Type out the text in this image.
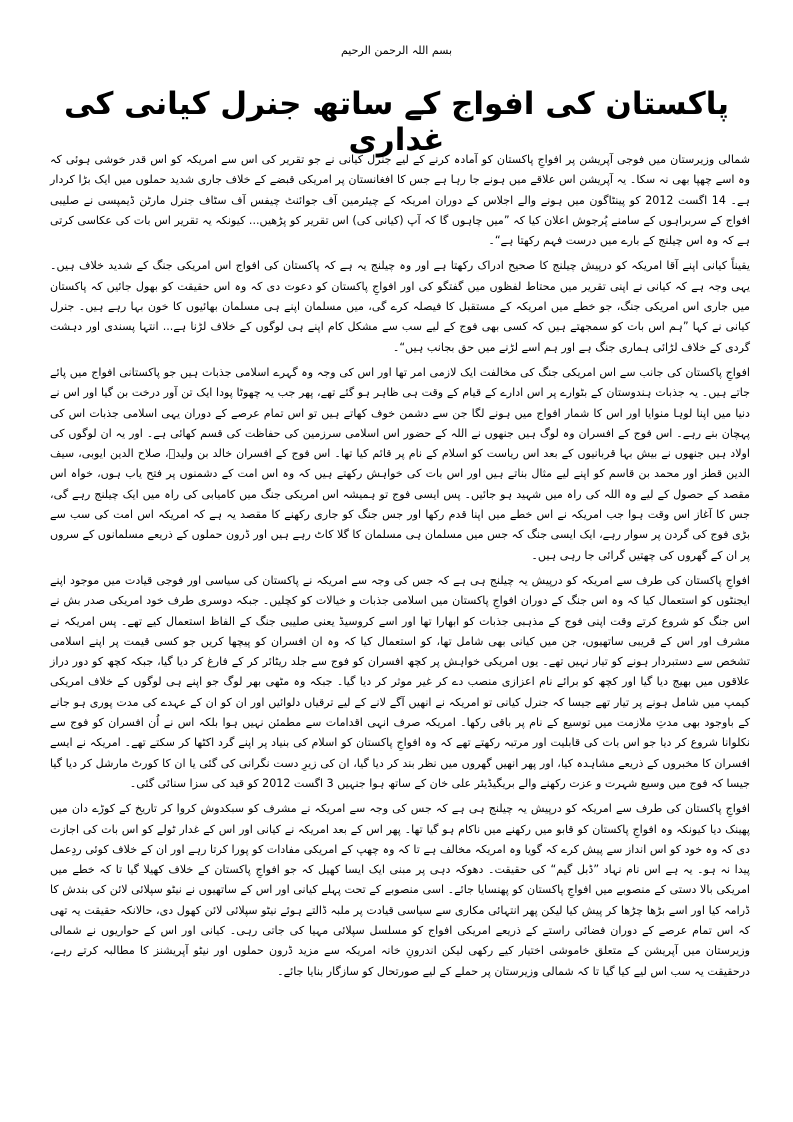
بسم اللہ الرحمن الرحیم
پاکستان کی افواج کے ساتھ جنرل کیانی کی غداری

شمالی وزیرستان میں فوجی آپریشن پر افواجِ پاکستان کو آمادہ کرنے کے لیے جنرل کیانی نے جو تقریر کی اس سے امریکہ کو اس قدر خوشی ہوئی کہ وہ اسے چھپا بھی نہ سکا۔ یہ آپریشن اس علاقے میں ہونے جا رہا ہے جس کا افغانستان پر امریکی قبضے کے خلاف جاری شدید حملوں میں ایک بڑا کردار ہے۔ 14 اگست 2012 کو پینٹاگون میں ہونے والے اجلاس کے دوران امریکہ کے چیئرمین آف جوائنٹ چیفس آف سٹاف جنرل مارٹن ڈیمپسی نے صلیبی افواج کے سربراہوں کے سامنے پُرجوش اعلان کیا کہ ”میں چاہوں گا کہ آپ (کیانی کی) اس تقریر کو پڑھیں... کیونکہ یہ تقریر اس بات کی عکاسی کرتی ہے کہ وہ اس چیلنج کے بارے میں درست فہم رکھتا ہے“۔

یقیناً کیانی اپنے آقا امریکہ کو درپیش چیلنج کا صحیح ادراک رکھتا ہے اور وہ چیلنج یہ ہے کہ پاکستان کی افواج اس امریکی جنگ کے شدید خلاف ہیں۔ یہی وجہ ہے کہ کیانی نے اپنی تقریر میں محتاط لفظوں میں گفتگو کی اور افواجِ پاکستان کو دعوت دی کہ وہ اس حقیقت کو بھول جائیں کہ پاکستان میں جاری اس امریکی جنگ، جو خطے میں امریکہ کے مستقبل کا فیصلہ کرے گی، میں مسلمان اپنے ہی مسلمان بھائیوں کا خون بہا رہے ہیں۔ جنرل کیانی نے کہا ”ہم اس بات کو سمجھتے ہیں کہ کسی بھی فوج کے لیے سب سے مشکل کام اپنے ہی لوگوں کے خلاف لڑنا ہے... انتہا پسندی اور دہشت گردی کے خلاف لڑائی ہماری جنگ ہے اور ہم اسے لڑنے میں حق بجانب ہیں“۔

افواجِ پاکستان کی جانب سے اس امریکی جنگ کی مخالفت ایک لازمی امر تھا اور اس کی وجہ وہ گہرے اسلامی جذبات ہیں جو پاکستانی افواج میں پائے جاتے ہیں۔ یہ جذبات ہندوستان کے بٹوارے پر اس ادارے کے قیام کے وقت ہی ظاہر ہو گئے تھے، پھر جب یہ چھوٹا پودا ایک تن آور درخت بن گیا اور اس نے دنیا میں اپنا لوہا منوایا اور اس کا شمار افواج میں ہونے لگا جن سے دشمن خوف کھاتے ہیں تو اس تمام عرصے کے دوران یہی اسلامی جذبات اس کی پہچان بنے رہے۔ اس فوج کے افسران وہ لوگ ہیں جنھوں نے اللہ کے حضور اس اسلامی سرزمین کی حفاظت کی قسم کھائی ہے۔ اور یہ ان لوگوں کی اولاد ہیں جنھوں نے بیش بہا قربانیوں کے بعد اس ریاست کو اسلام کے نام پر قائم کیا تھا۔ اس فوج کے افسران خالد بن ولیدؓ، صلاح الدین ایوبی، سیف الدین قطز اور محمد بن قاسم کو اپنے لیے مثال بناتے ہیں اور اس بات کی خواہش رکھتے ہیں کہ وہ اس امت کے دشمنوں پر فتح یاب ہوں، خواہ اس مقصد کے حصول کے لیے وہ اللہ کی راہ میں شہید ہو جائیں۔ پس ایسی فوج تو ہمیشہ اس امریکی جنگ میں کامیابی کی راہ میں ایک چیلنج رہے گی، جس کا آغاز اس وقت ہوا جب امریکہ نے اس خطے میں اپنا قدم رکھا اور جس جنگ کو جاری رکھنے کا مقصد یہ ہے کہ امریکہ اس امت کی سب سے بڑی فوج کی گردن پر سوار رہے، ایک ایسی جنگ کہ جس میں مسلمان ہی مسلمان کا گلا کاٹ رہے ہیں اور ڈرون حملوں کے ذریعے مسلمانوں کے سروں پر ان کے گھروں کی چھتیں گرائی جا رہی ہیں۔

افواجِ پاکستان کی طرف سے امریکہ کو درپیش یہ چیلنج ہی ہے کہ جس کی وجہ سے امریکہ نے پاکستان کی سیاسی اور فوجی قیادت میں موجود اپنے ایجنٹوں کو استعمال کیا کہ وہ اس جنگ کے دوران افواجِ پاکستان میں اسلامی جذبات و خیالات کو کچلیں۔ جبکہ دوسری طرف خود امریکی صدر بش نے اس جنگ کو شروع کرتے وقت اپنی فوج کے مذہبی جذبات کو ابھارا تھا اور اسے کروسیڈ یعنی صلیبی جنگ کے الفاظ استعمال کیے تھے۔ پس امریکہ نے مشرف اور اس کے قریبی ساتھیوں، جن میں کیانی بھی شامل تھا، کو استعمال کیا کہ وہ ان افسران کو پیچھا کریں جو کسی قیمت پر اپنے اسلامی تشخص سے دستبردار ہونے کو تیار نہیں تھے۔ یوں امریکی خواہش پر کچھ افسران کو فوج سے جلد ریٹائر کر کے فارغ کر دیا گیا، جبکہ کچھ کو دور دراز علاقوں میں بھیج دیا گیا اور کچھ کو برائے نام اعزازی منصب دے کر غیر موثر کر دیا گیا۔ جبکہ وہ مٹھی بھر لوگ جو اپنے ہی لوگوں کے خلاف امریکی کیمپ میں شامل ہونے پر تیار تھے جیسا کہ جنرل کیانی تو امریکہ نے انھیں آگے لانے کے لیے ترقیاں دلوائیں اور ان کو ان کے عہدے کی مدت پوری ہو جانے کے باوجود بھی مدتِ ملازمت میں توسیع کے نام پر باقی رکھا۔ امریکہ صرف انہی اقدامات سے مطمئن نہیں ہوا بلکہ اس نے اُن افسران کو فوج سے نکلوانا شروع کر دیا جو اس بات کی قابلیت اور مرتبہ رکھتے تھے کہ وہ افواجِ پاکستان کو اسلام کی بنیاد پر اپنے گرد اکٹھا کر سکتے تھے۔ امریکہ نے ایسے افسران کا مخبروں کے ذریعے مشاہدہ کیا، اور پھر انھیں گھروں میں نظر بند کر دیا گیا، ان کی زیرِ دست نگرانی کی گئی یا ان کا کورٹ مارشل کر دیا گیا جیسا کہ فوج میں وسیع شہرت و عزت رکھنے والے بریگیڈیئر علی خان کے ساتھ ہوا جنہیں 3 اگست 2012 کو قید کی سزا سنائی گئی۔

افواجِ پاکستان کی طرف سے امریکہ کو درپیش یہ چیلنج ہی ہے کہ جس کی وجہ سے امریکہ نے مشرف کو سبکدوش کروا کر تاریخ کے کوڑے دان میں پھینک دیا کیونکہ وہ افواجِ پاکستان کو قابو میں رکھنے میں ناکام ہو گیا تھا۔ پھر اس کے بعد امریکہ نے کیانی اور اس کے غدار ٹولے کو اس بات کی اجازت دی کہ وہ خود کو اس انداز سے پیش کرے کہ گویا وہ امریکہ مخالف ہے تا کہ وہ چھپ کے امریکی مفادات کو پورا کرتا رہے اور ان کے خلاف کوئی ردِعمل پیدا نہ ہو۔ یہ ہے اس نام نہاد ”ڈبل گیم“ کی حقیقت۔ دھوکہ دہی پر مبنی ایک ایسا کھیل کہ جو افواجِ پاکستان کے خلاف کھیلا گیا تا کہ خطے میں امریکی بالا دستی کے منصوبے میں افواجِ پاکستان کو پھنسایا جائے۔ اسی منصوبے کے تحت پہلے کیانی اور اس کے ساتھیوں نے نیٹو سپلائی لائن کی بندش کا ڈرامہ کیا اور اسے بڑھا چڑھا کر پیش کیا لیکن پھر انتہائی مکاری سے سیاسی قیادت پر ملبہ ڈالتے ہوئے نیٹو سپلائی لائن کھول دی، حالانکہ حقیقت یہ تھی کہ اس تمام عرصے کے دوران فضائی راستے کے ذریعے امریکی افواج کو مسلسل سپلائی مہیا کی جاتی رہی۔ کیانی اور اس کے حواریوں نے شمالی وزیرستان میں آپریشن کے متعلق خاموشی اختیار کیے رکھی لیکن اندرونِ خانہ امریکہ سے مزید ڈرون حملوں اور نیٹو آپریشنز کا مطالبہ کرتے رہے، درحقیقت یہ سب اس لیے کیا گیا تا کہ شمالی وزیرستان پر حملے کے لیے صورتحال کو سازگار بنایا جائے۔
